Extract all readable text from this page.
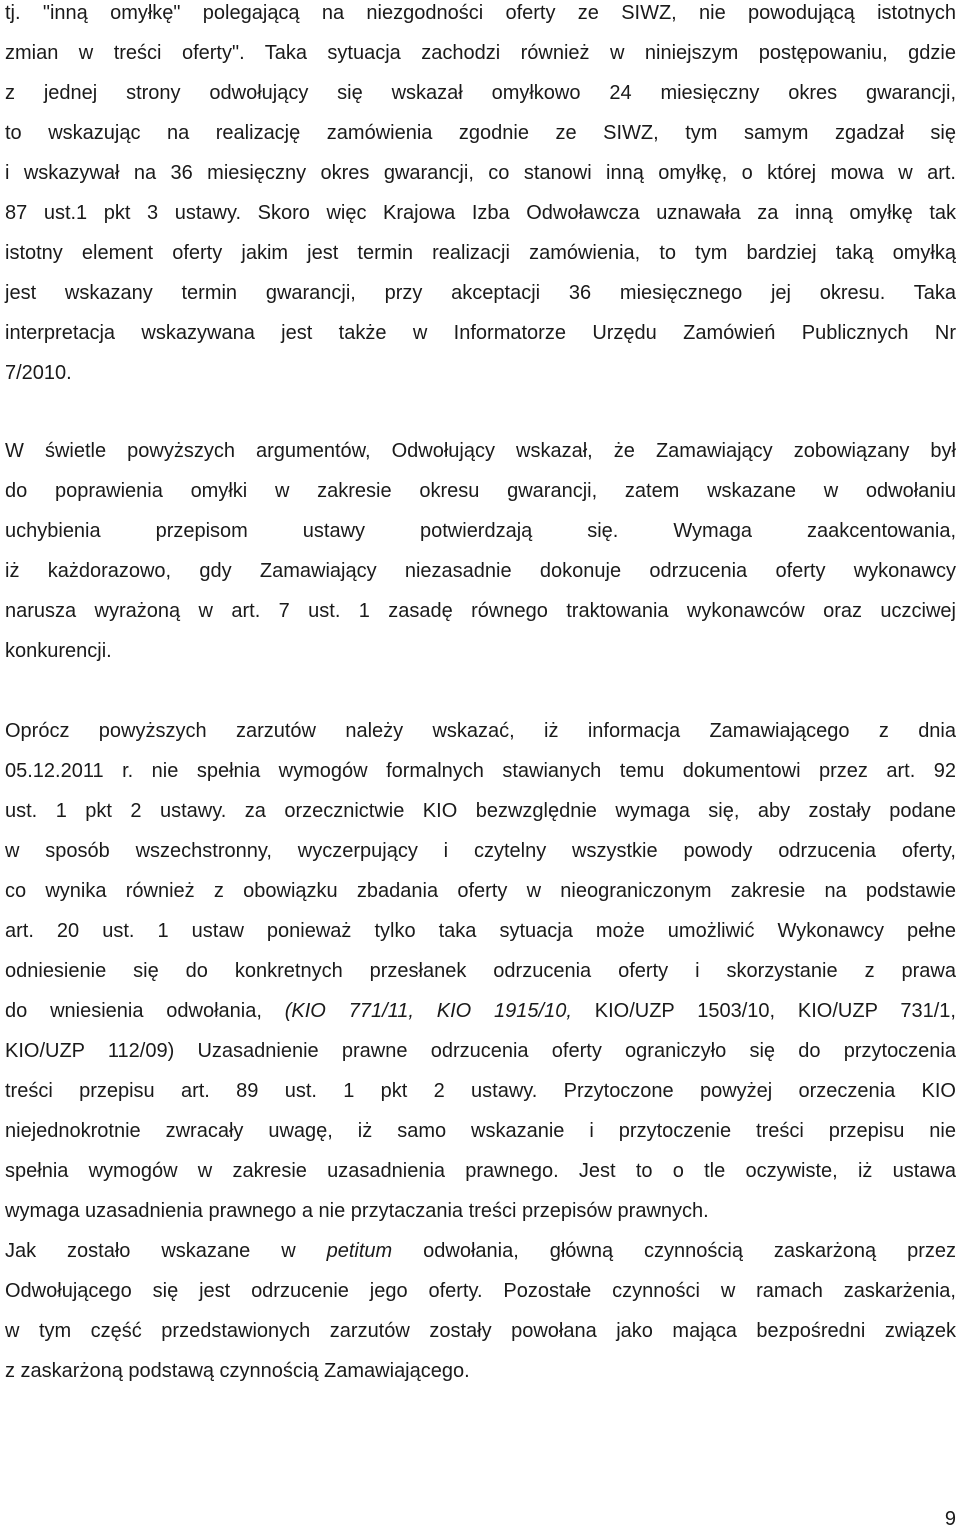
tj. "inną omyłkę" polegającą na niezgodności oferty ze SIWZ, nie powodującą istotnych
zmian w treści oferty". Taka sytuacja zachodzi również w niniejszym postępowaniu, gdzie
z jednej strony odwołujący się wskazał omyłkowo 24 miesięczny okres gwarancji,
to wskazując na realizację zamówienia zgodnie ze SIWZ, tym samym zgadzał się
i wskazywał na 36 miesięczny okres gwarancji, co stanowi inną omyłkę, o której mowa w art.
87 ust.1 pkt 3 ustawy. Skoro więc Krajowa Izba Odwoławcza uznawała za inną omyłkę tak
istotny element oferty jakim jest termin realizacji zamówienia, to tym bardziej taką omyłką
jest wskazany termin gwarancji, przy akceptacji 36 miesięcznego jej okresu. Taka
interpretacja wskazywana jest także w Informatorze Urzędu Zamówień Publicznych Nr
7/2010.
W świetle powyższych argumentów, Odwołujący wskazał, że Zamawiający zobowiązany był
do poprawienia omyłki w zakresie okresu gwarancji, zatem wskazane w odwołaniu
uchybienia przepisom ustawy potwierdzają się. Wymaga zaakcentowania,
iż każdorazowo, gdy Zamawiający niezasadnie dokonuje odrzucenia oferty wykonawcy
narusza wyrażoną w art. 7 ust. 1 zasadę równego traktowania wykonawców oraz uczciwej
konkurencji.
Oprócz powyższych zarzutów należy wskazać, iż informacja Zamawiającego z dnia
05.12.2011 r. nie spełnia wymogów formalnych stawianych temu dokumentowi przez art. 92
ust. 1 pkt 2 ustawy. za orzecznictwie KIO bezwzględnie wymaga się, aby zostały podane
w sposób wszechstronny, wyczerpujący i czytelny wszystkie powody odrzucenia oferty,
co wynika również z obowiązku zbadania oferty w nieograniczonym zakresie na podstawie
art. 20 ust. 1 ustaw ponieważ tylko taka sytuacja może umożliwić Wykonawcy pełne
odniesienie się do konkretnych przesłanek odrzucenia oferty i skorzystanie z prawa
do wniesienia odwołania, (KIO 771/11, KIO 1915/10, KIO/UZP 1503/10, KIO/UZP 731/1,
KIO/UZP 112/09) Uzasadnienie prawne odrzucenia oferty ograniczyło się do przytoczenia
treści przepisu art. 89 ust. 1 pkt 2 ustawy. Przytoczone powyżej orzeczenia KIO
niejednokrotnie zwracały uwagę, iż samo wskazanie i przytoczenie treści przepisu nie
spełnia wymogów w zakresie uzasadnienia prawnego. Jest to o tle oczywiste, iż ustawa
wymaga uzasadnienia prawnego a nie przytaczania treści przepisów prawnych.
Jak zostało wskazane w petitum odwołania, główną czynnością zaskarżoną przez
Odwołującego się jest odrzucenie jego oferty. Pozostałe czynności w ramach zaskarżenia,
w tym część przedstawionych zarzutów zostały powołana jako mająca bezpośredni związek
z zaskarżoną podstawą czynnością Zamawiającego.
9
